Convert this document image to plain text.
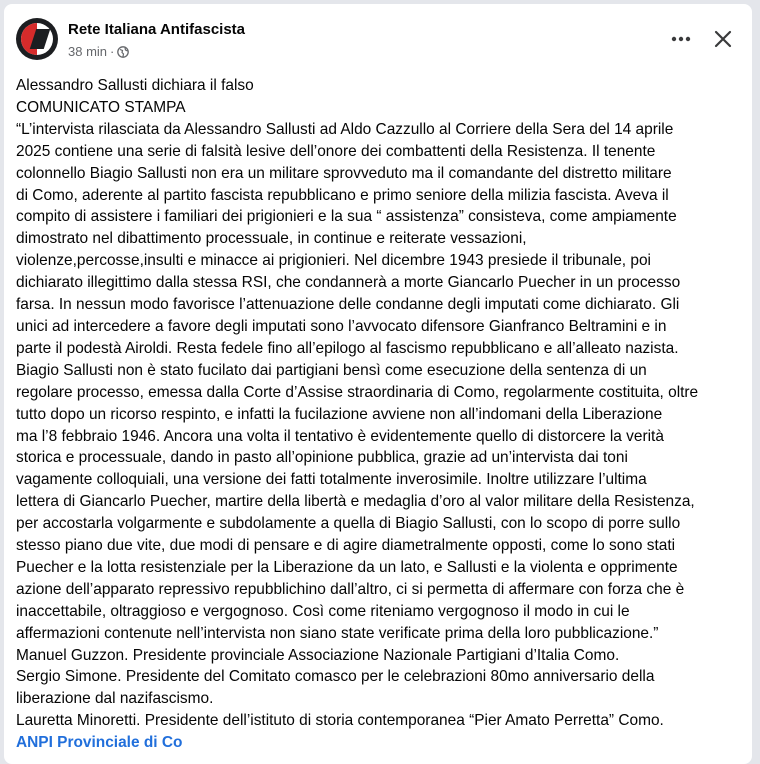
Rete Italiana Antifascista
38 min ·

Alessandro Sallusti dichiara il falso

COMUNICATO STAMPA

“L’intervista rilasciata da Alessandro Sallusti ad Aldo Cazzullo al Corriere della Sera del 14 aprile

2025 contiene una serie di falsità lesive dell’onore dei combattenti della Resistenza. Il tenente

colonnello Biagio Sallusti non era un militare sprovveduto ma il comandante del distretto militare

di Como, aderente al partito fascista repubblicano e primo seniore della milizia fascista. Aveva il

compito di assistere i familiari dei prigionieri e la sua “ assistenza” consisteva, come ampiamente

dimostrato nel dibattimento processuale, in continue e reiterate vessazioni,

violenze,percosse,insulti e minacce ai prigionieri. Nel dicembre 1943 presiede il tribunale, poi

dichiarato illegittimo dalla stessa RSI, che condannerà a morte Giancarlo Puecher in un processo

farsa. In nessun modo favorisce l’attenuazione delle condanne degli imputati come dichiarato. Gli

unici ad intercedere a favore degli imputati sono l’avvocato difensore Gianfranco Beltramini e in

parte il podestà Airoldi. Resta fedele fino all’epilogo al fascismo repubblicano e all’alleato nazista.

Biagio Sallusti non è stato fucilato dai partigiani bensì come esecuzione della sentenza di un

regolare processo, emessa dalla Corte d’Assise straordinaria di Como, regolarmente costituita, oltre

tutto dopo un ricorso respinto, e infatti la fucilazione avviene non all’indomani della Liberazione

ma l’8 febbraio 1946. Ancora una volta il tentativo è evidentemente quello di distorcere la verità

storica e processuale, dando in pasto all’opinione pubblica, grazie ad un’intervista dai toni

vagamente colloquiali, una versione dei fatti totalmente inverosimile. Inoltre utilizzare l’ultima

lettera di Giancarlo Puecher, martire della libertà e medaglia d’oro al valor militare della Resistenza,

per accostarla volgarmente e subdolamente a quella di Biagio Sallusti, con lo scopo di porre sullo

stesso piano due vite, due modi di pensare e di agire diametralmente opposti, come lo sono stati

Puecher e la lotta resistenziale per la Liberazione da un lato, e Sallusti e la violenta e opprimente

azione dell’apparato repressivo repubblichino dall’altro, ci si permetta di affermare con forza che è

inaccettabile, oltraggioso e vergognoso. Così come riteniamo vergognoso il modo in cui le

affermazioni contenute nell’intervista non siano state verificate prima della loro pubblicazione.”

Manuel Guzzon. Presidente provinciale Associazione Nazionale Partigiani d’Italia Como.

Sergio Simone. Presidente del Comitato comasco per le celebrazioni 80mo anniversario della

liberazione dal nazifascismo.

Lauretta Minoretti. Presidente dell’istituto di storia contemporanea “Pier Amato Perretta” Como.

ANPI Provinciale di Co
